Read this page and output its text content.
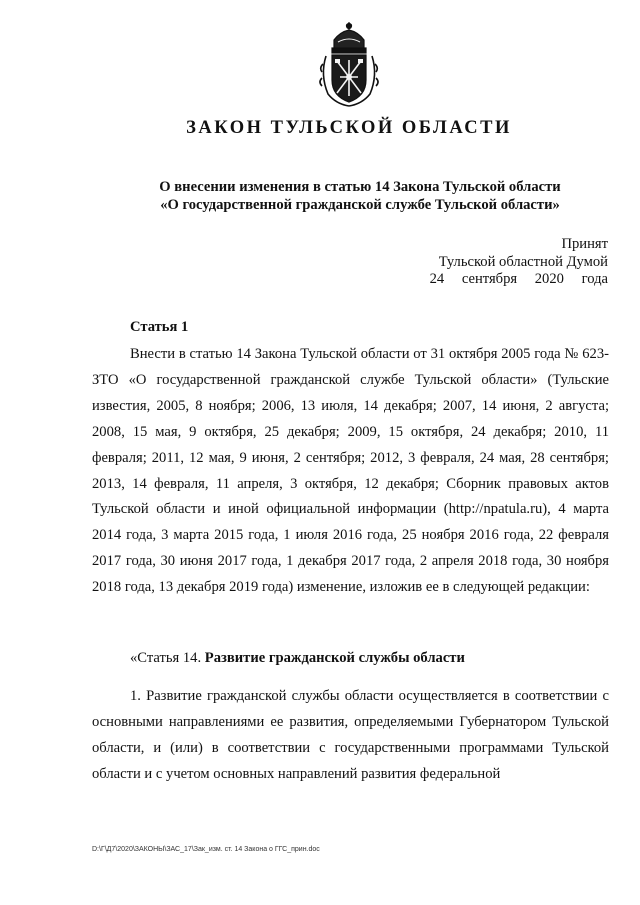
ЗАКОН ТУЛЬСКОЙ ОБЛАСТИ
О внесении изменения в статью 14 Закона Тульской области
«О государственной гражданской службе Тульской области»
Принят
Тульской областной Думой
24 сентября 2020 года
Статья 1

Внести в статью 14 Закона Тульской области от 31 октября 2005 года № 623-ЗТО «О государственной гражданской службе Тульской области» (Тульские известия, 2005, 8 ноября; 2006, 13 июля, 14 декабря; 2007, 14 июня, 2 августа; 2008, 15 мая, 9 октября, 25 декабря; 2009, 15 октября, 24 декабря; 2010, 11 февраля; 2011, 12 мая, 9 июня, 2 сентября; 2012, 3 февраля, 24 мая, 28 сентября; 2013, 14 февраля, 11 апреля, 3 октября, 12 декабря; Сборник правовых актов Тульской области и иной официальной информации (http://npatula.ru), 4 марта 2014 года, 3 марта 2015 года, 1 июля 2016 года, 25 ноября 2016 года, 22 февраля 2017 года, 30 июня 2017 года, 1 декабря 2017 года, 2 апреля 2018 года, 30 ноября 2018 года, 13 декабря 2019 года) изменение, изложив ее в следующей редакции:

«Статья 14. Развитие гражданской службы области

1. Развитие гражданской службы области осуществляется в соответствии с основными направлениями ее развития, определяемыми Губернатором Тульской области, и (или) в соответствии с государственными программами Тульской области и с учетом основных направлений развития федеральной

D:\Г\Д7\2020\ЗАКОНЫ\ЗАС_17\Зак_изм. ст. 14 Закона о ГГС_прин.doc
